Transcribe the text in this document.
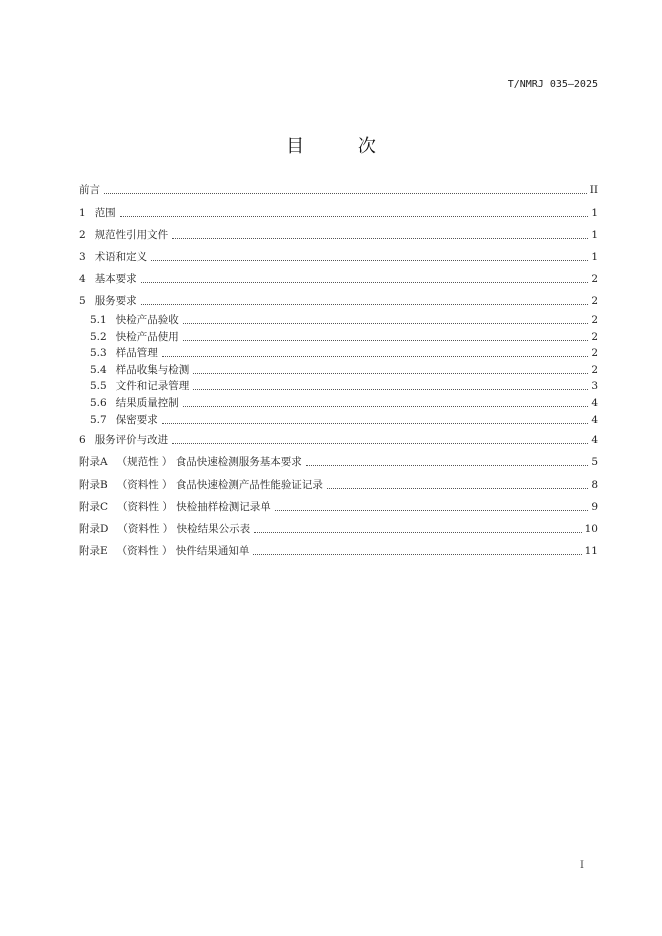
T/NMRJ 035—2025
目 次
前言	II
1 范围	1
2 规范性引用文件	1
3 术语和定义	1
4 基本要求	2
5 服务要求	2
5.1 快检产品验收	2
5.2 快检产品使用	2
5.3 样品管理	2
5.4 样品收集与检测	2
5.5 文件和记录管理	3
5.6 结果质量控制	4
5.7 保密要求	4
6 服务评价与改进	4
附录A （规范性 ） 食品快速检测服务基本要求	5
附录B （资料性 ） 食品快速检测产品性能验证记录	8
附录C （资料性 ） 快检抽样检测记录单	9
附录D （资料性 ） 快检结果公示表	10
附录E （资料性 ） 快件结果通知单	11
I
